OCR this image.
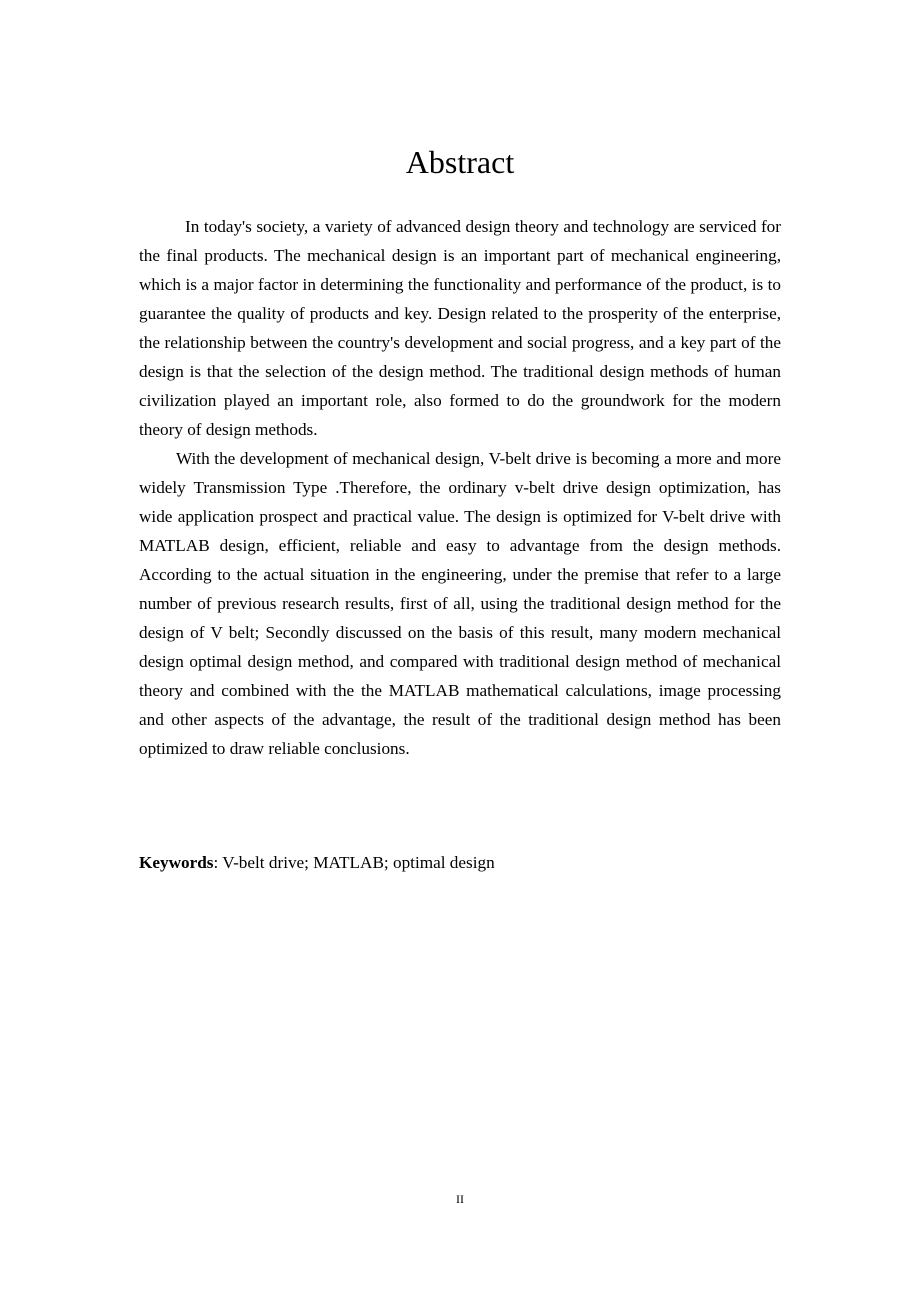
Abstract

In today's society, a variety of advanced design theory and technology are serviced for the final products. The mechanical design is an important part of mechanical engineering, which is a major factor in determining the functionality and performance of the product, is to guarantee the quality of products and key. Design related to the prosperity of the enterprise, the relationship between the country's development and social progress, and a key part of the design is that the selection of the design method. The traditional design methods of human civilization played an important role, also formed to do the groundwork for the modern theory of design methods.

With the development of mechanical design, V-belt drive is becoming a more and more widely Transmission Type .Therefore, the ordinary v-belt drive design optimization, has wide application prospect and practical value. The design is optimized for V-belt drive with MATLAB design, efficient, reliable and easy to advantage from the design methods. According to the actual situation in the engineering, under the premise that refer to a large number of previous research results, first of all, using the traditional design method for the design of V belt; Secondly discussed on the basis of this result, many modern mechanical design optimal design method, and compared with traditional design method of mechanical theory and combined with the the MATLAB mathematical calculations, image processing and other aspects of the advantage, the result of the traditional design method has been optimized to draw reliable conclusions.

Keywords: V-belt drive; MATLAB; optimal design
II
